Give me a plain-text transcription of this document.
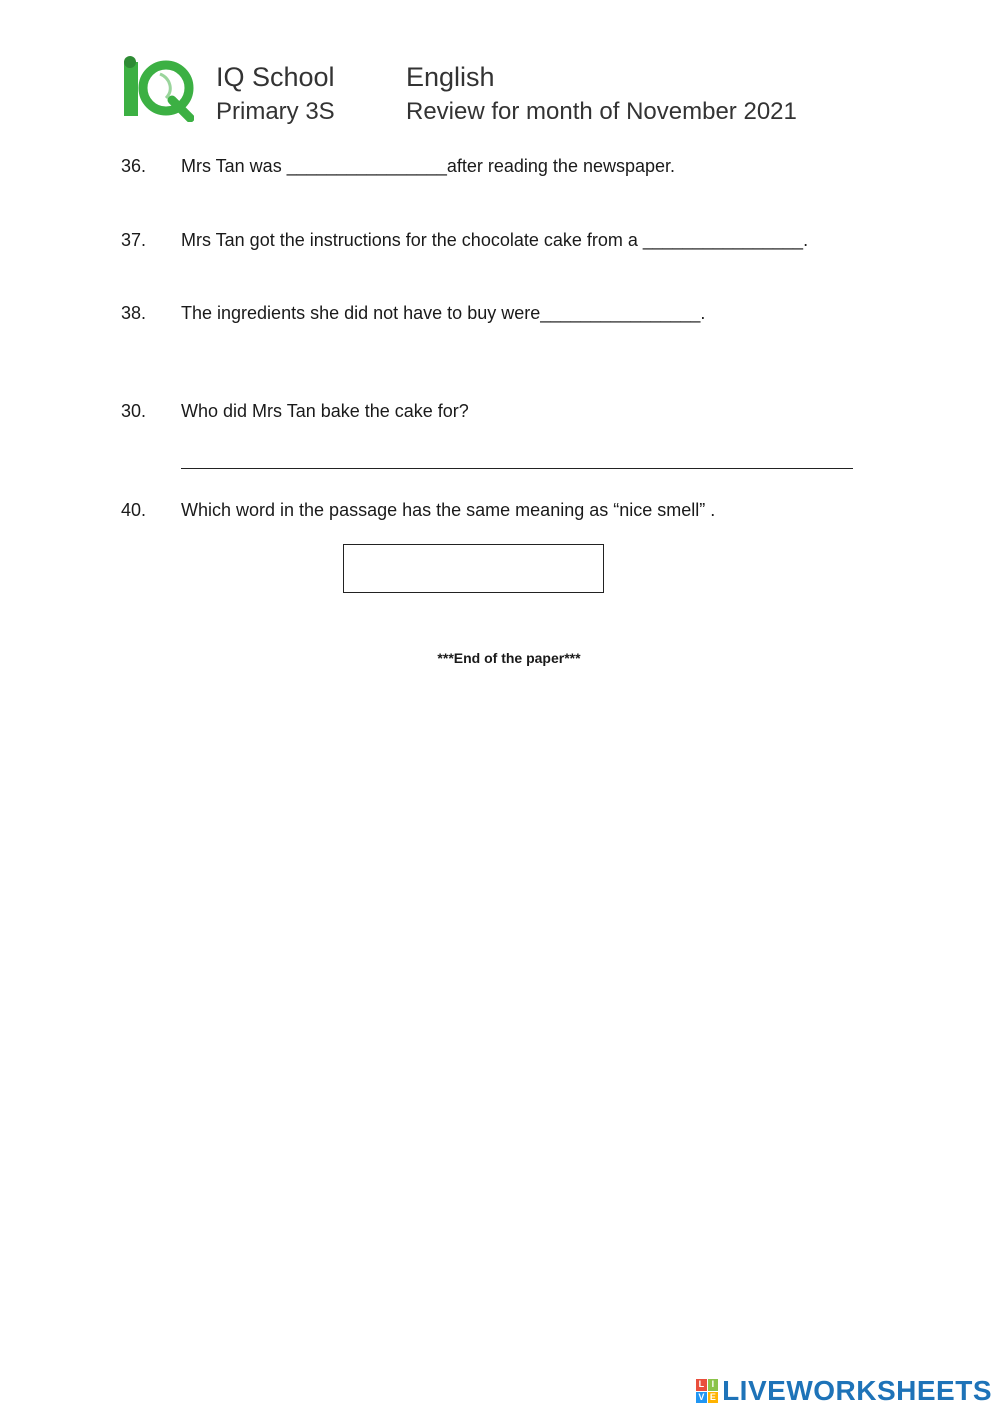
IQ School
Primary 3S
English
Review for month of November 2021
36. Mrs Tan was ________________after reading the newspaper.
37. Mrs Tan got the instructions for the chocolate cake from a ________________.
38. The ingredients she did not have to buy were________________.
30. Who did Mrs Tan bake the cake for?
40. Which word in the passage has the same meaning as “nice smell” .
***End of the paper***
L I
V E LIVEWORKSHEETS
